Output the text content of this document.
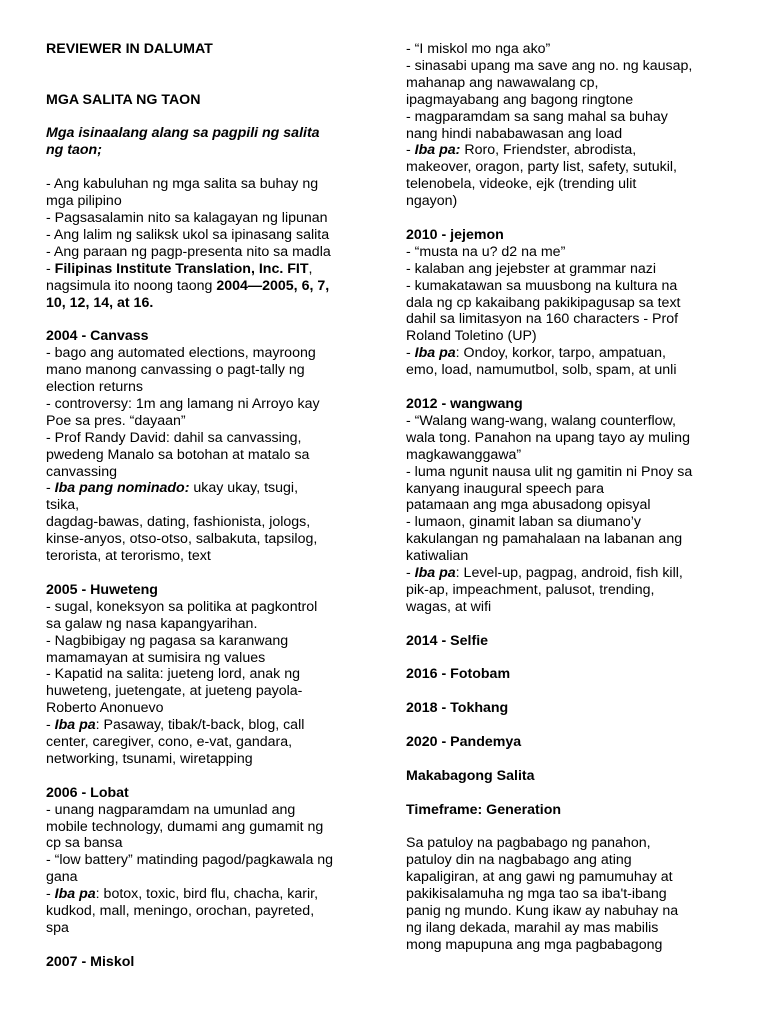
REVIEWER IN DALUMAT

MGA SALITA NG TAON

Mga isinaalang alang sa pagpili ng salita

ng taon;

- Ang kabuluhan ng mga salita sa buhay ng

mga pilipino

- Pagsasalamin nito sa kalagayan ng lipunan

- Ang lalim ng saliksk ukol sa ipinasang salita

- Ang paraan ng pagp-presenta nito sa madla

- Filipinas Institute Translation, Inc. FIT,

nagsimula ito noong taong 2004—2005, 6, 7,

10, 12, 14, at 16.

2004 - Canvass

- bago ang automated elections, mayroong

mano manong canvassing o pagt-tally ng

election returns

- controversy: 1m ang lamang ni Arroyo kay

Poe sa pres. “dayaan”

- Prof Randy David: dahil sa canvassing,

pwedeng Manalo sa botohan at matalo sa

canvassing

- Iba pang nominado: ukay ukay, tsugi,

tsika,

dagdag-bawas, dating, fashionista, jologs,

kinse-anyos, otso-otso, salbakuta, tapsilog,

terorista, at terorismo, text

2005 - Huweteng

- sugal, koneksyon sa politika at pagkontrol

sa galaw ng nasa kapangyarihan.

- Nagbibigay ng pagasa sa karanwang

mamamayan at sumisira ng values

- Kapatid na salita: jueteng lord, anak ng

huweteng, juetengate, at jueteng payola-

Roberto Anonuevo

- Iba pa: Pasaway, tibak/t-back, blog, call

center, caregiver, cono, e-vat, gandara,

networking, tsunami, wiretapping

2006 - Lobat

- unang nagparamdam na umunlad ang

mobile technology, dumami ang gumamit ng

cp sa bansa

- “low battery” matinding pagod/pagkawala ng

gana

- Iba pa: botox, toxic, bird flu, chacha, karir,

kudkod, mall, meningo, orochan, payreted,

spa

2007 - Miskol

- “I miskol mo nga ako”

- sinasabi upang ma save ang no. ng kausap,

mahanap ang nawawalang cp,

ipagmayabang ang bagong ringtone

- magparamdam sa sang mahal sa buhay

nang hindi nababawasan ang load

- Iba pa: Roro, Friendster, abrodista,

makeover, oragon, party list, safety, sutukil,

telenobela, videoke, ejk (trending ulit

ngayon)

2010 - jejemon

- “musta na u? d2 na me”

- kalaban ang jejebster at grammar nazi

- kumakatawan sa muusbong na kultura na

dala ng cp kakaibang pakikipagusap sa text

dahil sa limitasyon na 160 characters - Prof

Roland Toletino (UP)

- Iba pa: Ondoy, korkor, tarpo, ampatuan,

emo, load, namumutbol, solb, spam, at unli

2012 - wangwang

- “Walang wang-wang, walang counterflow,

wala tong. Panahon na upang tayo ay muling

magkawanggawa”

- luma ngunit nausa ulit ng gamitin ni Pnoy sa

kanyang inaugural speech para

patamaan ang mga abusadong opisyal

- lumaon, ginamit laban sa diumano’y

kakulangan ng pamahalaan na labanan ang

katiwalian

- Iba pa: Level-up, pagpag, android, fish kill,

pik-ap, impeachment, palusot, trending,

wagas, at wifi

2014 - Selfie

2016 - Fotobam

2018 - Tokhang

2020 - Pandemya

Makabagong Salita

Timeframe: Generation

Sa patuloy na pagbabago ng panahon,

patuloy din na nagbabago ang ating

kapaligiran, at ang gawi ng pamumuhay at

pakikisalamuha ng mga tao sa iba't-ibang

panig ng mundo. Kung ikaw ay nabuhay na

ng ilang dekada, marahil ay mas mabilis

mong mapupuna ang mga pagbabagong
